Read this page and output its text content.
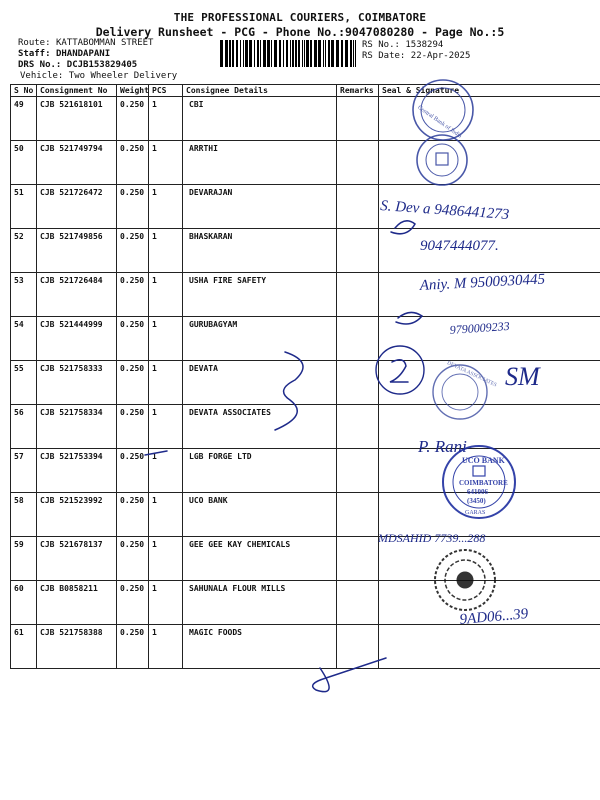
THE PROFESSIONAL COURIERS, COIMBATORE
Delivery Runsheet - PCG - Phone No.:9047080280 - Page No.:5
Route: KATTABOMMAN STREET
Staff: DHANDAPANI
DRS No.: DCJB153829405
Vehicle: Two Wheeler Delivery
RS No.: 1538294
RS Date: 22-Apr-2025
S No	Consignment No	Weight	PCS	Consignee Details	Remarks	Seal & Signature
49	CJB 521618101	0.250	1	CBI		
50	CJB 521749794	0.250	1	ARRTHI		
51	CJB 521726472	0.250	1	DEVARAJAN		
52	CJB 521749856	0.250	1	BHASKARAN		
53	CJB 521726484	0.250	1	USHA FIRE SAFETY		
54	CJB 521444999	0.250	1	GURUBAGYAM		
55	CJB 521758333	0.250	1	DEVATA		
56	CJB 521758334	0.250	1	DEVATA ASSOCIATES		
57	CJB 521753394	0.250	1	LGB FORGE LTD		
58	CJB 521523992	0.250	1	UCO BANK		
59	CJB 521678137	0.250	1	GEE GEE KAY CHEMICALS		
60	CJB B0858211	0.250	1	SAHUNALA FLOUR MILLS		
61	CJB 521758388	0.250	1	MAGIC FOODS		
Central Bank of India
S. Dev a 9486441273
9047444077.
Aniy. M 9500930445
9790009233
SM
P. Rani
MDSAHID 7739...288
9AD06...39
DEVATA ASSOCIATES
UCO BANK
COIMBATORE
641006
(3450)
GARAS
